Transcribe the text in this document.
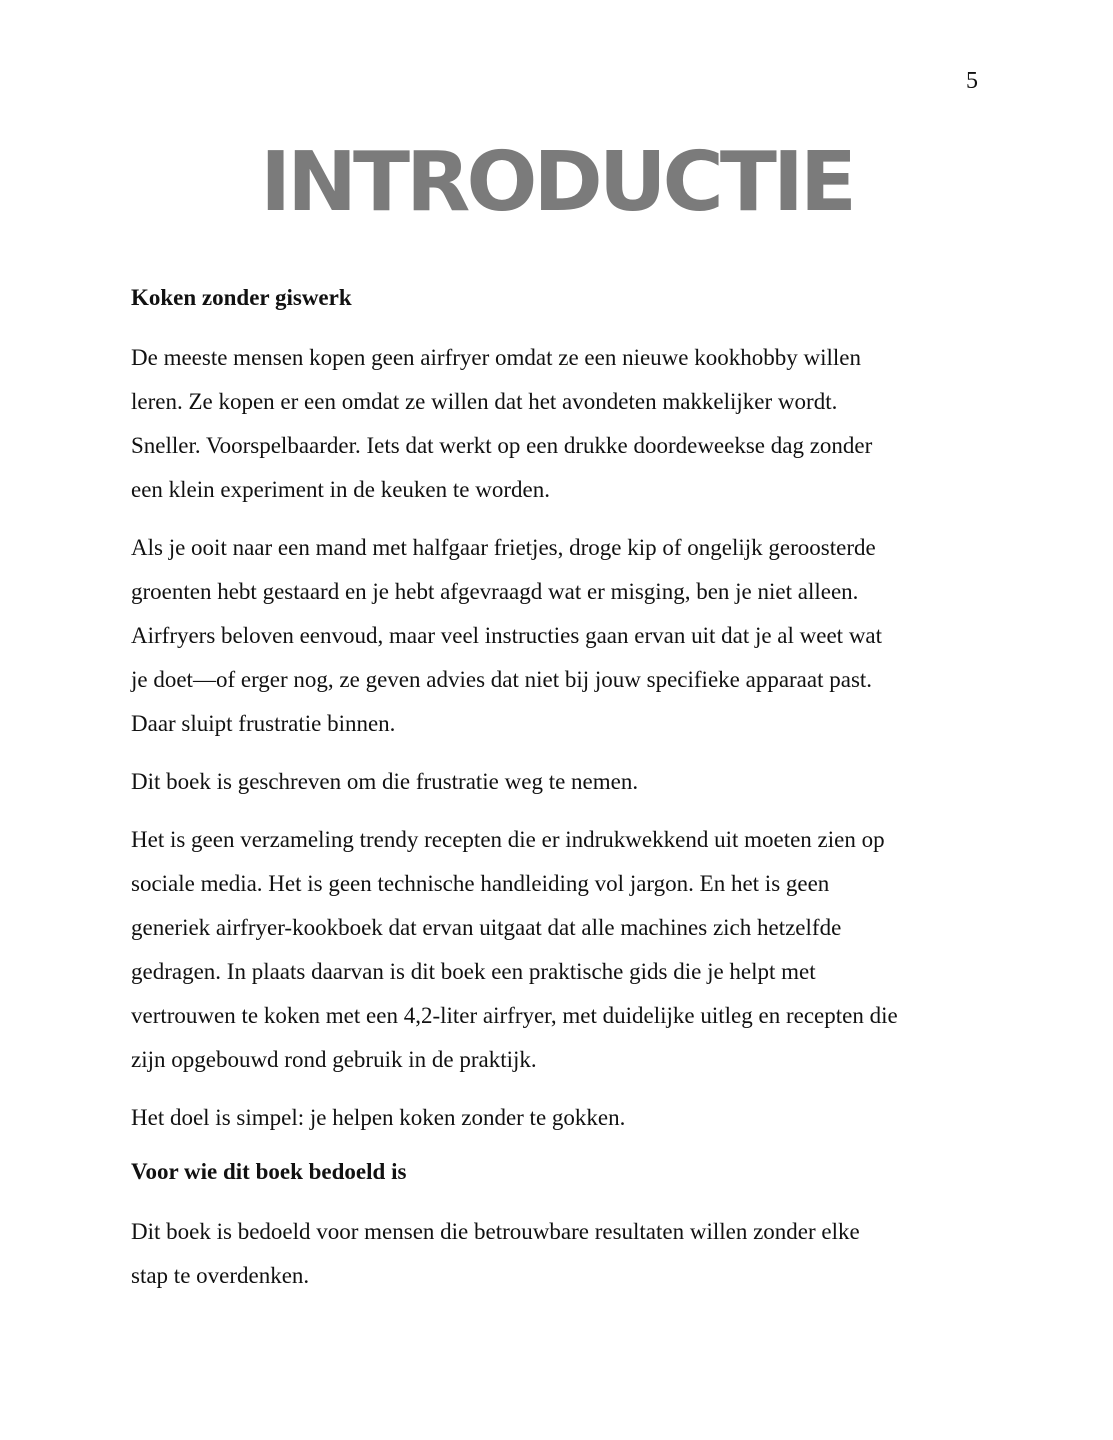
5
INTRODUCTIE
Koken zonder giswerk

De meeste mensen kopen geen airfryer omdat ze een nieuwe kookhobby willen
leren. Ze kopen er een omdat ze willen dat het avondeten makkelijker wordt.
Sneller. Voorspelbaarder. Iets dat werkt op een drukke doordeweekse dag zonder
een klein experiment in de keuken te worden.

Als je ooit naar een mand met halfgaar frietjes, droge kip of ongelijk geroosterde
groenten hebt gestaard en je hebt afgevraagd wat er misging, ben je niet alleen.
Airfryers beloven eenvoud, maar veel instructies gaan ervan uit dat je al weet wat
je doet—of erger nog, ze geven advies dat niet bij jouw specifieke apparaat past.
Daar sluipt frustratie binnen.

Dit boek is geschreven om die frustratie weg te nemen.

Het is geen verzameling trendy recepten die er indrukwekkend uit moeten zien op
sociale media. Het is geen technische handleiding vol jargon. En het is geen
generiek airfryer-kookboek dat ervan uitgaat dat alle machines zich hetzelfde
gedragen. In plaats daarvan is dit boek een praktische gids die je helpt met
vertrouwen te koken met een 4,2-liter airfryer, met duidelijke uitleg en recepten die
zijn opgebouwd rond gebruik in de praktijk.

Het doel is simpel: je helpen koken zonder te gokken.

Voor wie dit boek bedoeld is

Dit boek is bedoeld voor mensen die betrouwbare resultaten willen zonder elke
stap te overdenken.
